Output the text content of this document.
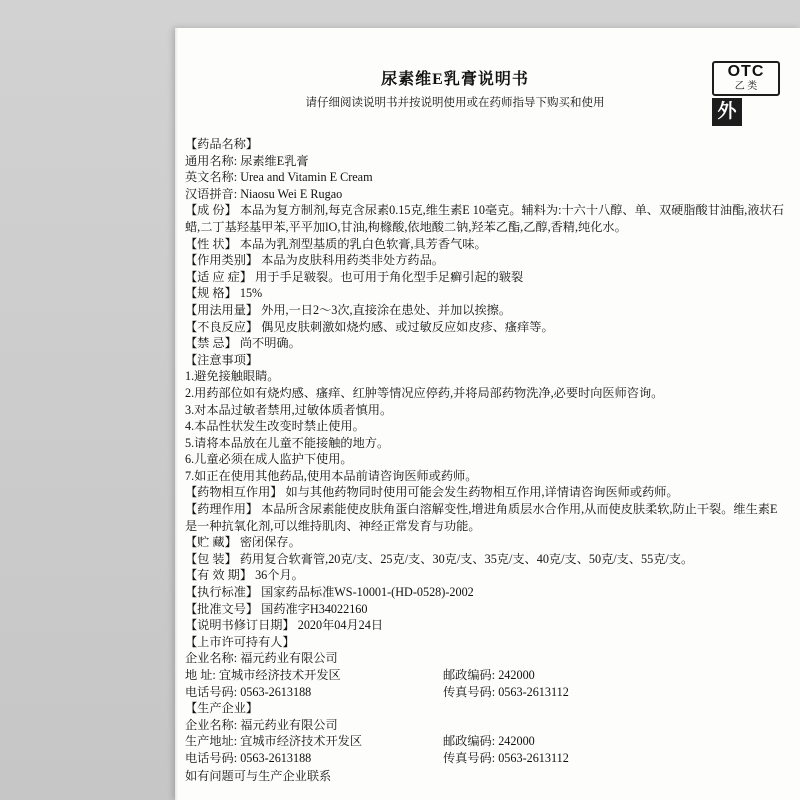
尿素维E乳膏说明书
请仔细阅读说明书并按说明使用或在药师指导下购买和使用
OTC
乙 类
外
【药品名称】
通用名称: 尿素维E乳膏
英文名称: Urea and Vitamin E Cream
汉语拼音: Niaosu Wei E Rugao
【成 份】 本品为复方制剂,每克含尿素0.15克,维生素E 10毫克。辅料为:十六十八醇、单、双硬脂酸甘油酯,液状石蜡,二丁基羟基甲苯,平平加lO,甘油,枸橼酸,依地酸二钠,羟苯乙酯,乙醇,香精,纯化水。
【性 状】 本品为乳剂型基质的乳白色软膏,具芳香气味。
【作用类别】 本品为皮肤科用药类非处方药品。
【适 应 症】 用于手足皲裂。也可用于角化型手足癣引起的皲裂
【规 格】 15%
【用法用量】 外用,一日2～3次,直接涂在患处、并加以挨擦。
【不良反应】 偶见皮肤刺激如烧灼感、或过敏反应如皮疹、瘙痒等。
【禁 忌】 尚不明确。
【注意事项】
1.避免接触眼睛。
2.用药部位如有烧灼感、瘙痒、红肿等情况应停药,并将局部药物洗净,必要时向医师咨询。
3.对本品过敏者禁用,过敏体质者慎用。
4.本品性状发生改变时禁止使用。
5.请将本品放在儿童不能接触的地方。
6.儿童必须在成人监护下使用。
7.如正在使用其他药品,使用本品前请咨询医师或药师。
【药物相互作用】 如与其他药物同时使用可能会发生药物相互作用,详情请咨询医师或药师。
【药理作用】 本品所含尿素能使皮肤角蛋白溶解变性,增进角质层水合作用,从而使皮肤柔软,防止干裂。维生素E是一种抗氧化剂,可以维持肌肉、神经正常发育与功能。
【贮 藏】 密闭保存。
【包 装】 药用复合软膏管,20克/支、25克/支、30克/支、35克/支、40克/支、50克/支、55克/支。
【有 效 期】 36个月。
【执行标准】 国家药品标准WS-10001-(HD-0528)-2002
【批准文号】 国药准字H34022160
【说明书修订日期】 2020年04月24日
【上市许可持有人】
企业名称: 福元药业有限公司
地 址: 宜城市经济技术开发区	邮政编码: 242000
电话号码: 0563-2613188	传真号码: 0563-2613112
【生产企业】
企业名称: 福元药业有限公司
生产地址: 宜城市经济技术开发区	邮政编码: 242000
电话号码: 0563-2613188	传真号码: 0563-2613112
如有问题可与生产企业联系
